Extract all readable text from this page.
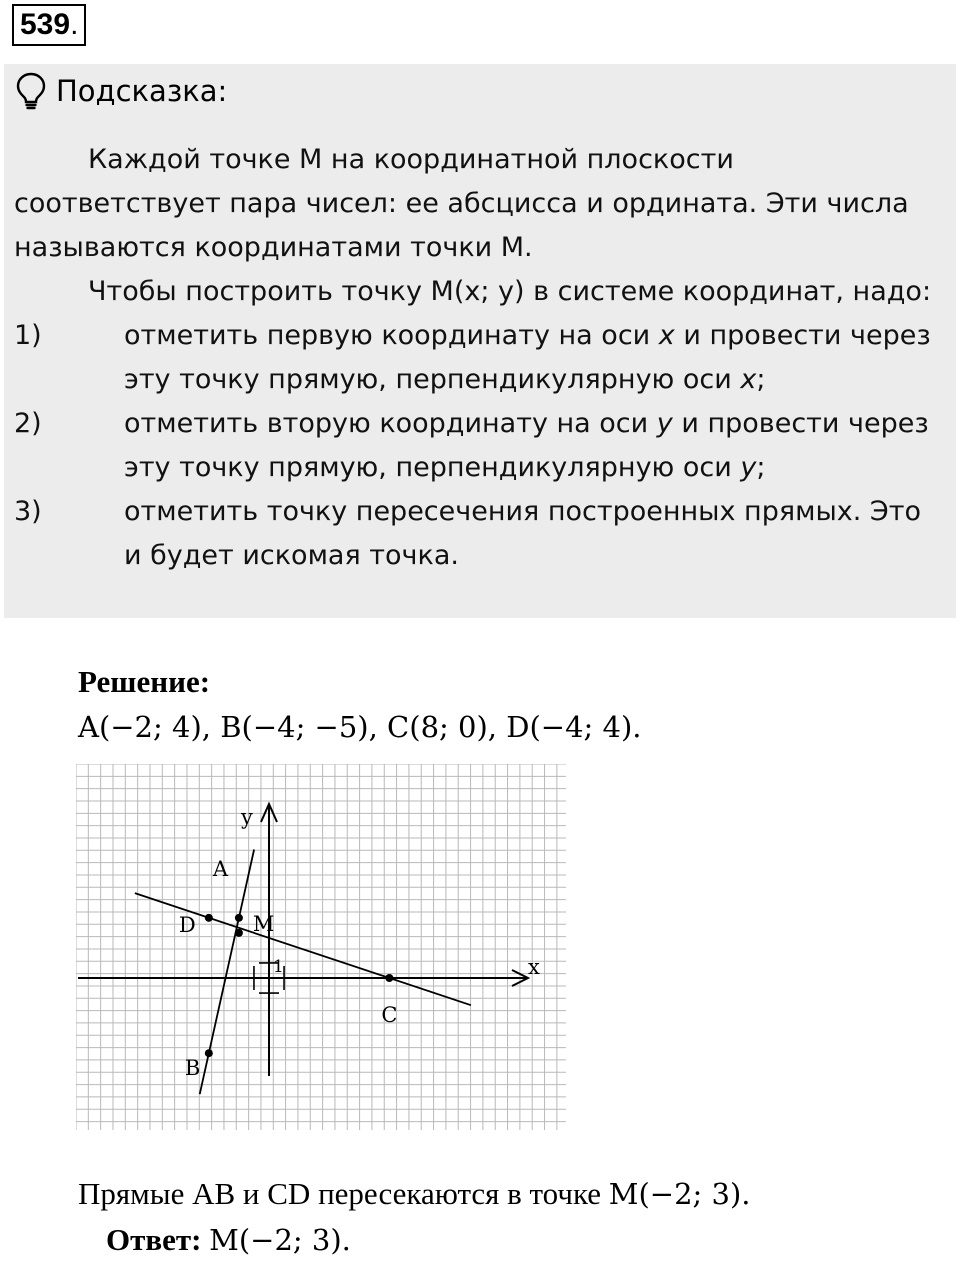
539.
Подсказка:

Каждой точке M на координатной плоскости соответствует пара чисел: ее абсцисса и ордината. Эти числа называются координатами точки M.

Чтобы построить точку M(x; y) в системе координат, надо:

1)	отметить первую координату на оси x и провести через эту точку прямую, перпендикулярную оси x;
2)	отметить вторую координату на оси y и провести через эту точку прямую, перпендикулярную оси y;
3)	отметить точку пересечения построенных прямых. Это и будет искомая точка.
Решение:
A(−2; 4), B(−4; −5), C(8; 0), D(−4; 4).
x
y
1
A
B
C
D	M
Прямые AB и CD пересекаются в точке M(−2; 3).
Ответ: M(−2; 3).
